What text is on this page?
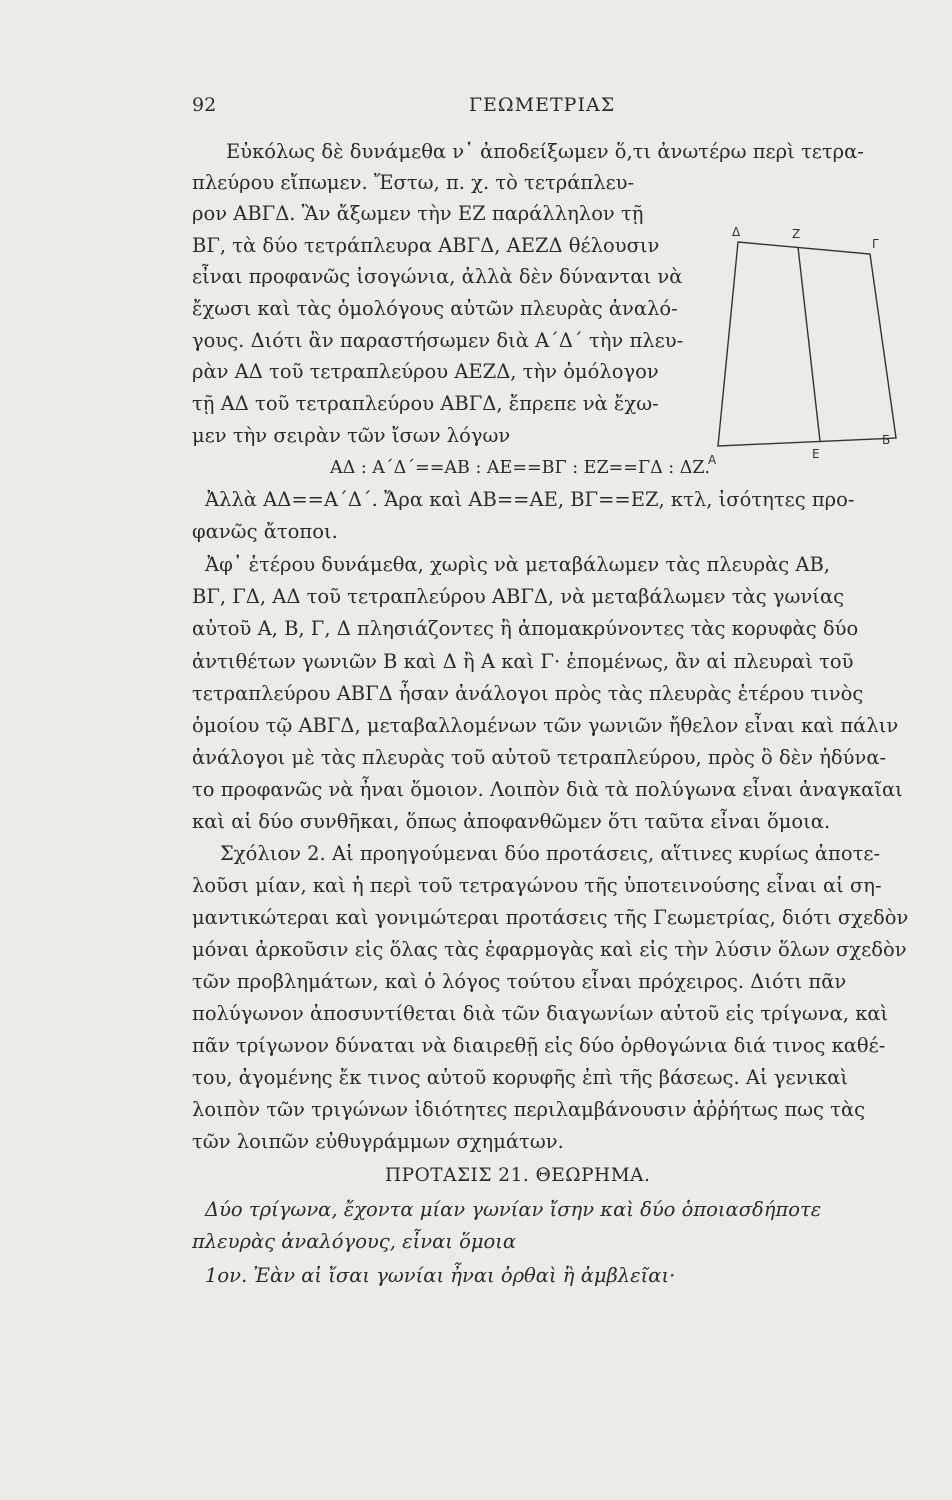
92	ΓΕΩΜΕΤΡΙΑΣ
Εὐκόλως δὲ δυνάμεθα ν᾽ ἀποδείξωμεν ὅ,τι ἀνωτέρω περὶ τετρα-
πλεύρου εἴπωμεν. Ἔστω, π. χ. τὸ τετράπλευ-
ρον ΑΒΓΔ. Ἂν ἄξωμεν τὴν ΕΖ παράλληλον τῇ
ΒΓ, τὰ δύο τετράπλευρα ΑΒΓΔ, ΑΕΖΔ θέλουσιν
εἶναι προφανῶς ἰσογώνια, ἀλλὰ δὲν δύνανται νὰ
ἔχωσι καὶ τὰς ὁμολόγους αὐτῶν πλευρὰς ἀναλό-
γους. Διότι ἂν παραστήσωμεν διὰ Α΄Δ΄ τὴν πλευ-
ρὰν ΑΔ τοῦ τετραπλεύρου ΑΕΖΔ, τὴν ὁμόλογον
τῇ ΑΔ τοῦ τετραπλεύρου ΑΒΓΔ, ἔπρεπε νὰ ἔχω-
μεν τὴν σειρὰν τῶν ἴσων λόγων
ΑΔ : Α΄Δ΄==ΑΒ : ΑΕ==ΒΓ : ΕΖ==ΓΔ : ΔΖ.
Ἀλλὰ ΑΔ==Α΄Δ΄. Ἄρα καὶ ΑΒ==ΑΕ, ΒΓ==ΕΖ, κτλ, ἰσότητες προ-
φανῶς ἄτοποι.
Ἀφ᾽ ἑτέρου δυνάμεθα, χωρὶς νὰ μεταβάλωμεν τὰς πλευρὰς ΑΒ,
ΒΓ, ΓΔ, ΑΔ τοῦ τετραπλεύρου ΑΒΓΔ, νὰ μεταβάλωμεν τὰς γωνίας
αὐτοῦ Α, Β, Γ, Δ πλησιάζοντες ἢ ἀπομακρύνοντες τὰς κορυφὰς δύο
ἀντιθέτων γωνιῶν Β καὶ Δ ἢ Α καὶ Γ· ἑπομένως, ἂν αἱ πλευραὶ τοῦ
τετραπλεύρου ΑΒΓΔ ἦσαν ἀνάλογοι πρὸς τὰς πλευρὰς ἑτέρου τινὸς
ὁμοίου τῷ ΑΒΓΔ, μεταβαλλομένων τῶν γωνιῶν ἤθελον εἶναι καὶ πάλιν
ἀνάλογοι μὲ τὰς πλευρὰς τοῦ αὐτοῦ τετραπλεύρου, πρὸς ὃ δὲν ἠδύνα-
το προφανῶς νὰ ἦναι ὅμοιον. Λοιπὸν διὰ τὰ πολύγωνα εἶναι ἀναγκαῖαι
καὶ αἱ δύο συνθῆκαι, ὅπως ἀποφανθῶμεν ὅτι ταῦτα εἶναι ὅμοια.
Σχόλιον 2. Αἱ προηγούμεναι δύο προτάσεις, αἵτινες κυρίως ἀποτε-
λοῦσι μίαν, καὶ ἡ περὶ τοῦ τετραγώνου τῆς ὑποτεινούσης εἶναι αἱ ση-
μαντικώτεραι καὶ γονιμώτεραι προτάσεις τῆς Γεωμετρίας, διότι σχεδὸν
μόναι ἀρκοῦσιν εἰς ὅλας τὰς ἐφαρμογὰς καὶ εἰς τὴν λύσιν ὅλων σχεδὸν
τῶν προβλημάτων, καὶ ὁ λόγος τούτου εἶναι πρόχειρος. Διότι πᾶν
πολύγωνον ἀποσυντίθεται διὰ τῶν διαγωνίων αὐτοῦ εἰς τρίγωνα, καὶ
πᾶν τρίγωνον δύναται νὰ διαιρεθῇ εἰς δύο ὀρθογώνια διά τινος καθέ-
του, ἀγομένης ἔκ τινος αὐτοῦ κορυφῆς ἐπὶ τῆς βάσεως. Αἱ γενικαὶ
λοιπὸν τῶν τριγώνων ἰδιότητες περιλαμβάνουσιν ἀῤῥήτως πως τὰς
τῶν λοιπῶν εὐθυγράμμων σχημάτων.
ΠΡΟΤΑΣΙΣ 21. ΘΕΩΡΗΜΑ.
Δύο τρίγωνα, ἔχοντα μίαν γωνίαν ἴσην καὶ δύο ὁποιασδήποτε
πλευρὰς ἀναλόγους, εἶναι ὅμοια
1ον. Ἐὰν αἱ ἴσαι γωνίαι ἦναι ὀρθαὶ ἢ ἀμβλεῖαι·
Δ	Z
Γ
A	E
Б
